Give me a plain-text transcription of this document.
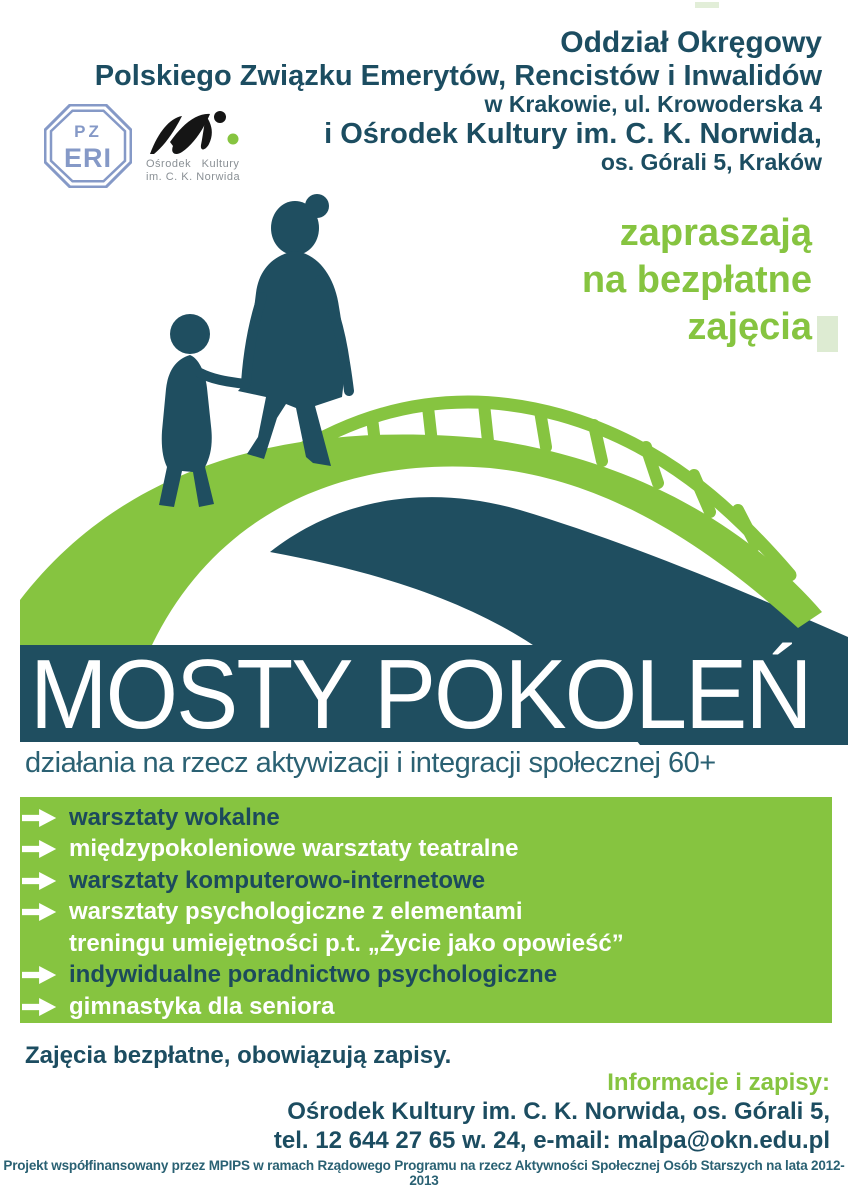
Oddział Okręgowy
Polskiego Związku Emerytów, Rencistów i Inwalidów
w Krakowie, ul. Krowoderska 4
i Ośrodek Kultury im. C. K. Norwida,
os. Górali 5, Kraków
PZ
ERI	Ośrodek Kultury
im. C. K. Norwida
zapraszają
na bezpłatne
zajęcia
MOSTY POKOLEŃ
działania na rzecz aktywizacji i integracji społecznej 60+
warsztaty wokalne
międzypokoleniowe warsztaty teatralne
warsztaty komputerowo-internetowe
warsztaty psychologiczne z elementami
treningu umiejętności p.t. „Życie jako opowieść”
indywidualne poradnictwo psychologiczne
gimnastyka dla seniora
Zajęcia bezpłatne, obowiązują zapisy.
Informacje i zapisy:
Ośrodek Kultury im. C. K. Norwida, os. Górali 5,
tel. 12 644 27 65 w. 24, e-mail: malpa@okn.edu.pl
Projekt współfinansowany przez MPIPS w ramach Rządowego Programu na rzecz Aktywności Społecznej Osób Starszych na lata 2012-2013
